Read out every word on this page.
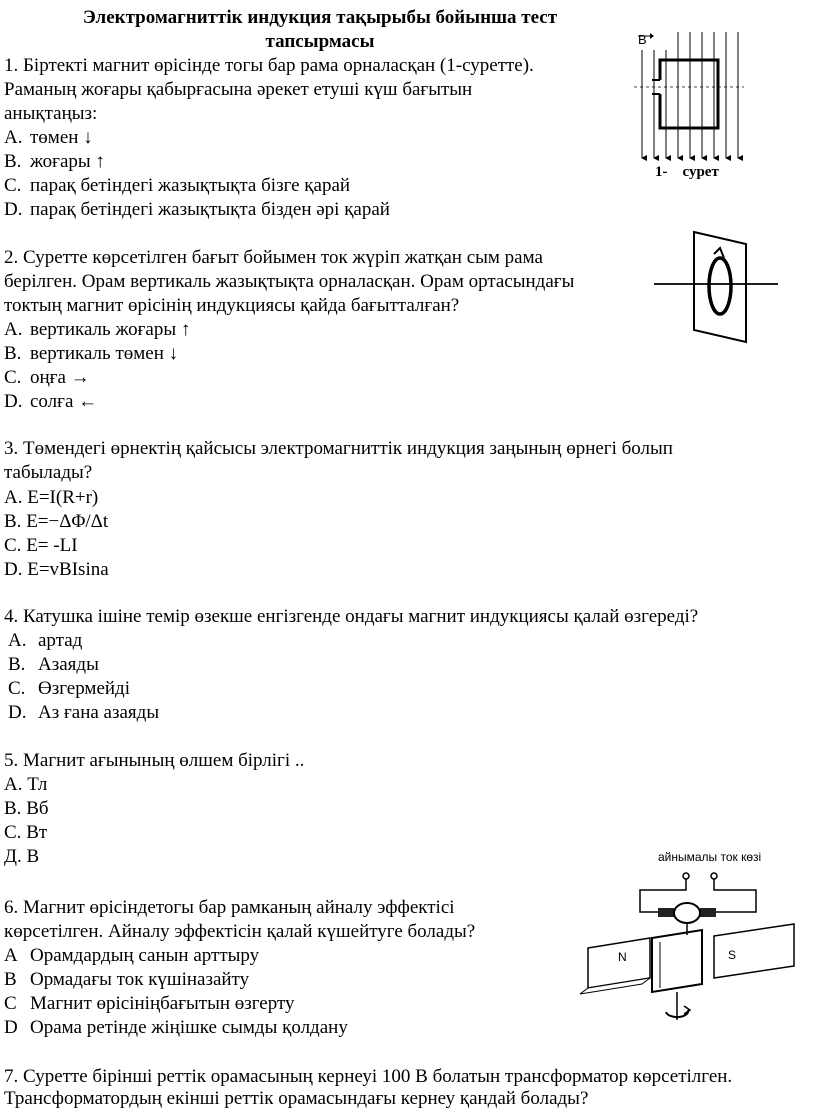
Электромагниттік индукция тақырыбы бойынша тест
тапсырмасы
1. Біртекті магнит өрісінде тогы бар рама орналасқан (1-суретте).
Раманың жоғары қабырғасына әрекет етуші күш бағытын
анықтаңыз:
A. төмен ↓
B. жоғары ↑
C. парақ бетіндегі жазықтықта бізге қарай
D. парақ бетіндегі жазықтықта бізден әрі қарай
B
1- сурет
2. Суретте көрсетілген бағыт бойымен ток жүріп жатқан сым рама
берілген. Орам вертикаль жазықтықта орналасқан. Орам ортасындағы
токтың магнит өрісінің индукциясы қайда бағытталған?
A. вертикаль жоғары ↑
B. вертикаль төмен ↓
C. оңға →
D. солға ←
3. Төмендегі өрнектің қайсысы электромагниттік индукция заңының өрнегі болып
табылады?
A. E=I(R+r)
B. E=−ΔΦ/Δt
C. E= -LI
D. E=vBIsina
4. Катушка ішіне темір өзекше енгізгенде ондағы магнит индукциясы қалай өзгереді?
A. артад
B. Азаяды
C. Өзгермейді
D. Аз ғана азаяды
5. Магнит ағынының өлшем бірлігі ..
A. Тл
B. Вб
C. Вт
Д. В
6. Магнит өрісіндетогы бар рамканың айналу эффектісі
көрсетілген. Айналу эффектісін қалай күшейтуге болады?
A Орамдардың санын арттыру
B Ормадағы ток күшіназайту
C Магнит өрісініңбағытын өзгерту
D Орама ретінде жіңішке сымды қолдану
айнымалы ток көзі
N	S
7. Суретте бірінші реттік орамасының кернеуі 100 В болатын трансформатор көрсетілген.
Трансформатордың екінші реттік орамасындағы кернеу қандай болады?
